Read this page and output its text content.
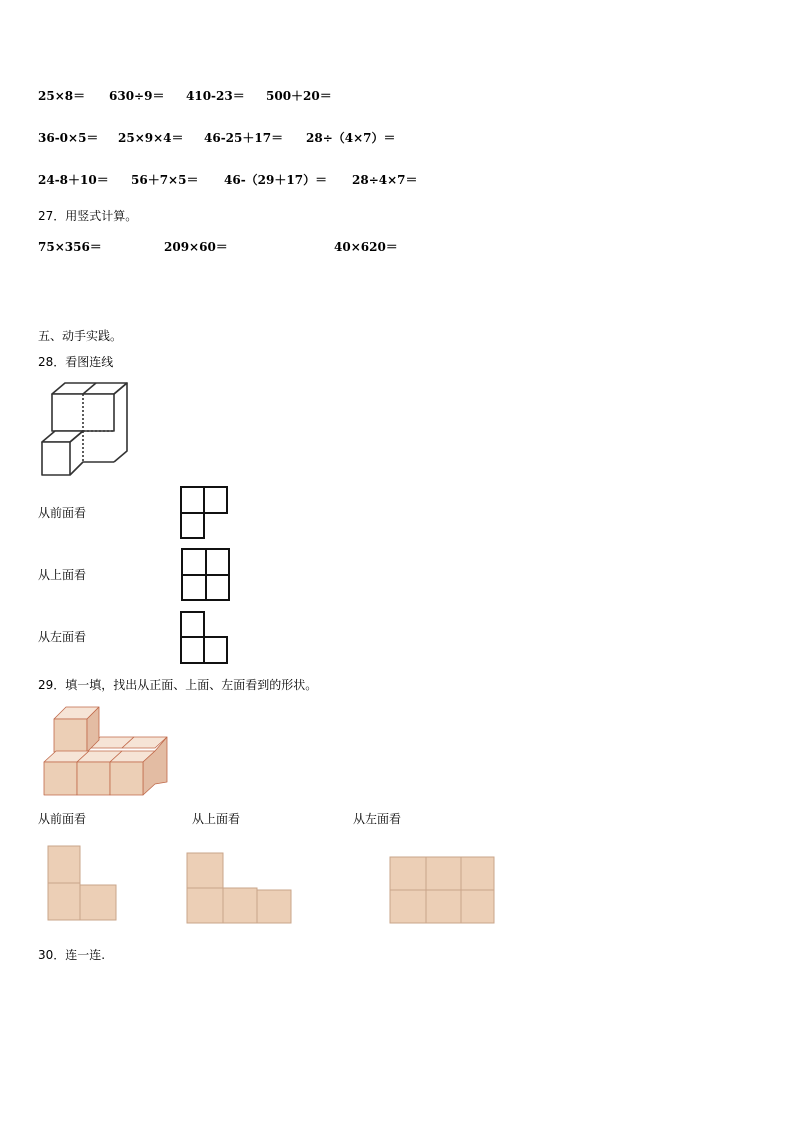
25×8＝ 630÷9＝ 410-23＝ 500＋20＝
36-0×5＝ 25×9×4＝ 46-25＋17＝ 28÷（4×7）＝
24-8＋10＝ 56＋7×5＝ 46-（29＋17）＝ 28÷4×7＝
27．用竖式计算。
75×356＝	209×60＝	40×620＝
五、动手实践。
28．看图连线
从前面看
从上面看
从左面看
29．填一填，找出从正面、上面、左面看到的形状。
从前面看	从上面看	从左面看
30．连一连.
